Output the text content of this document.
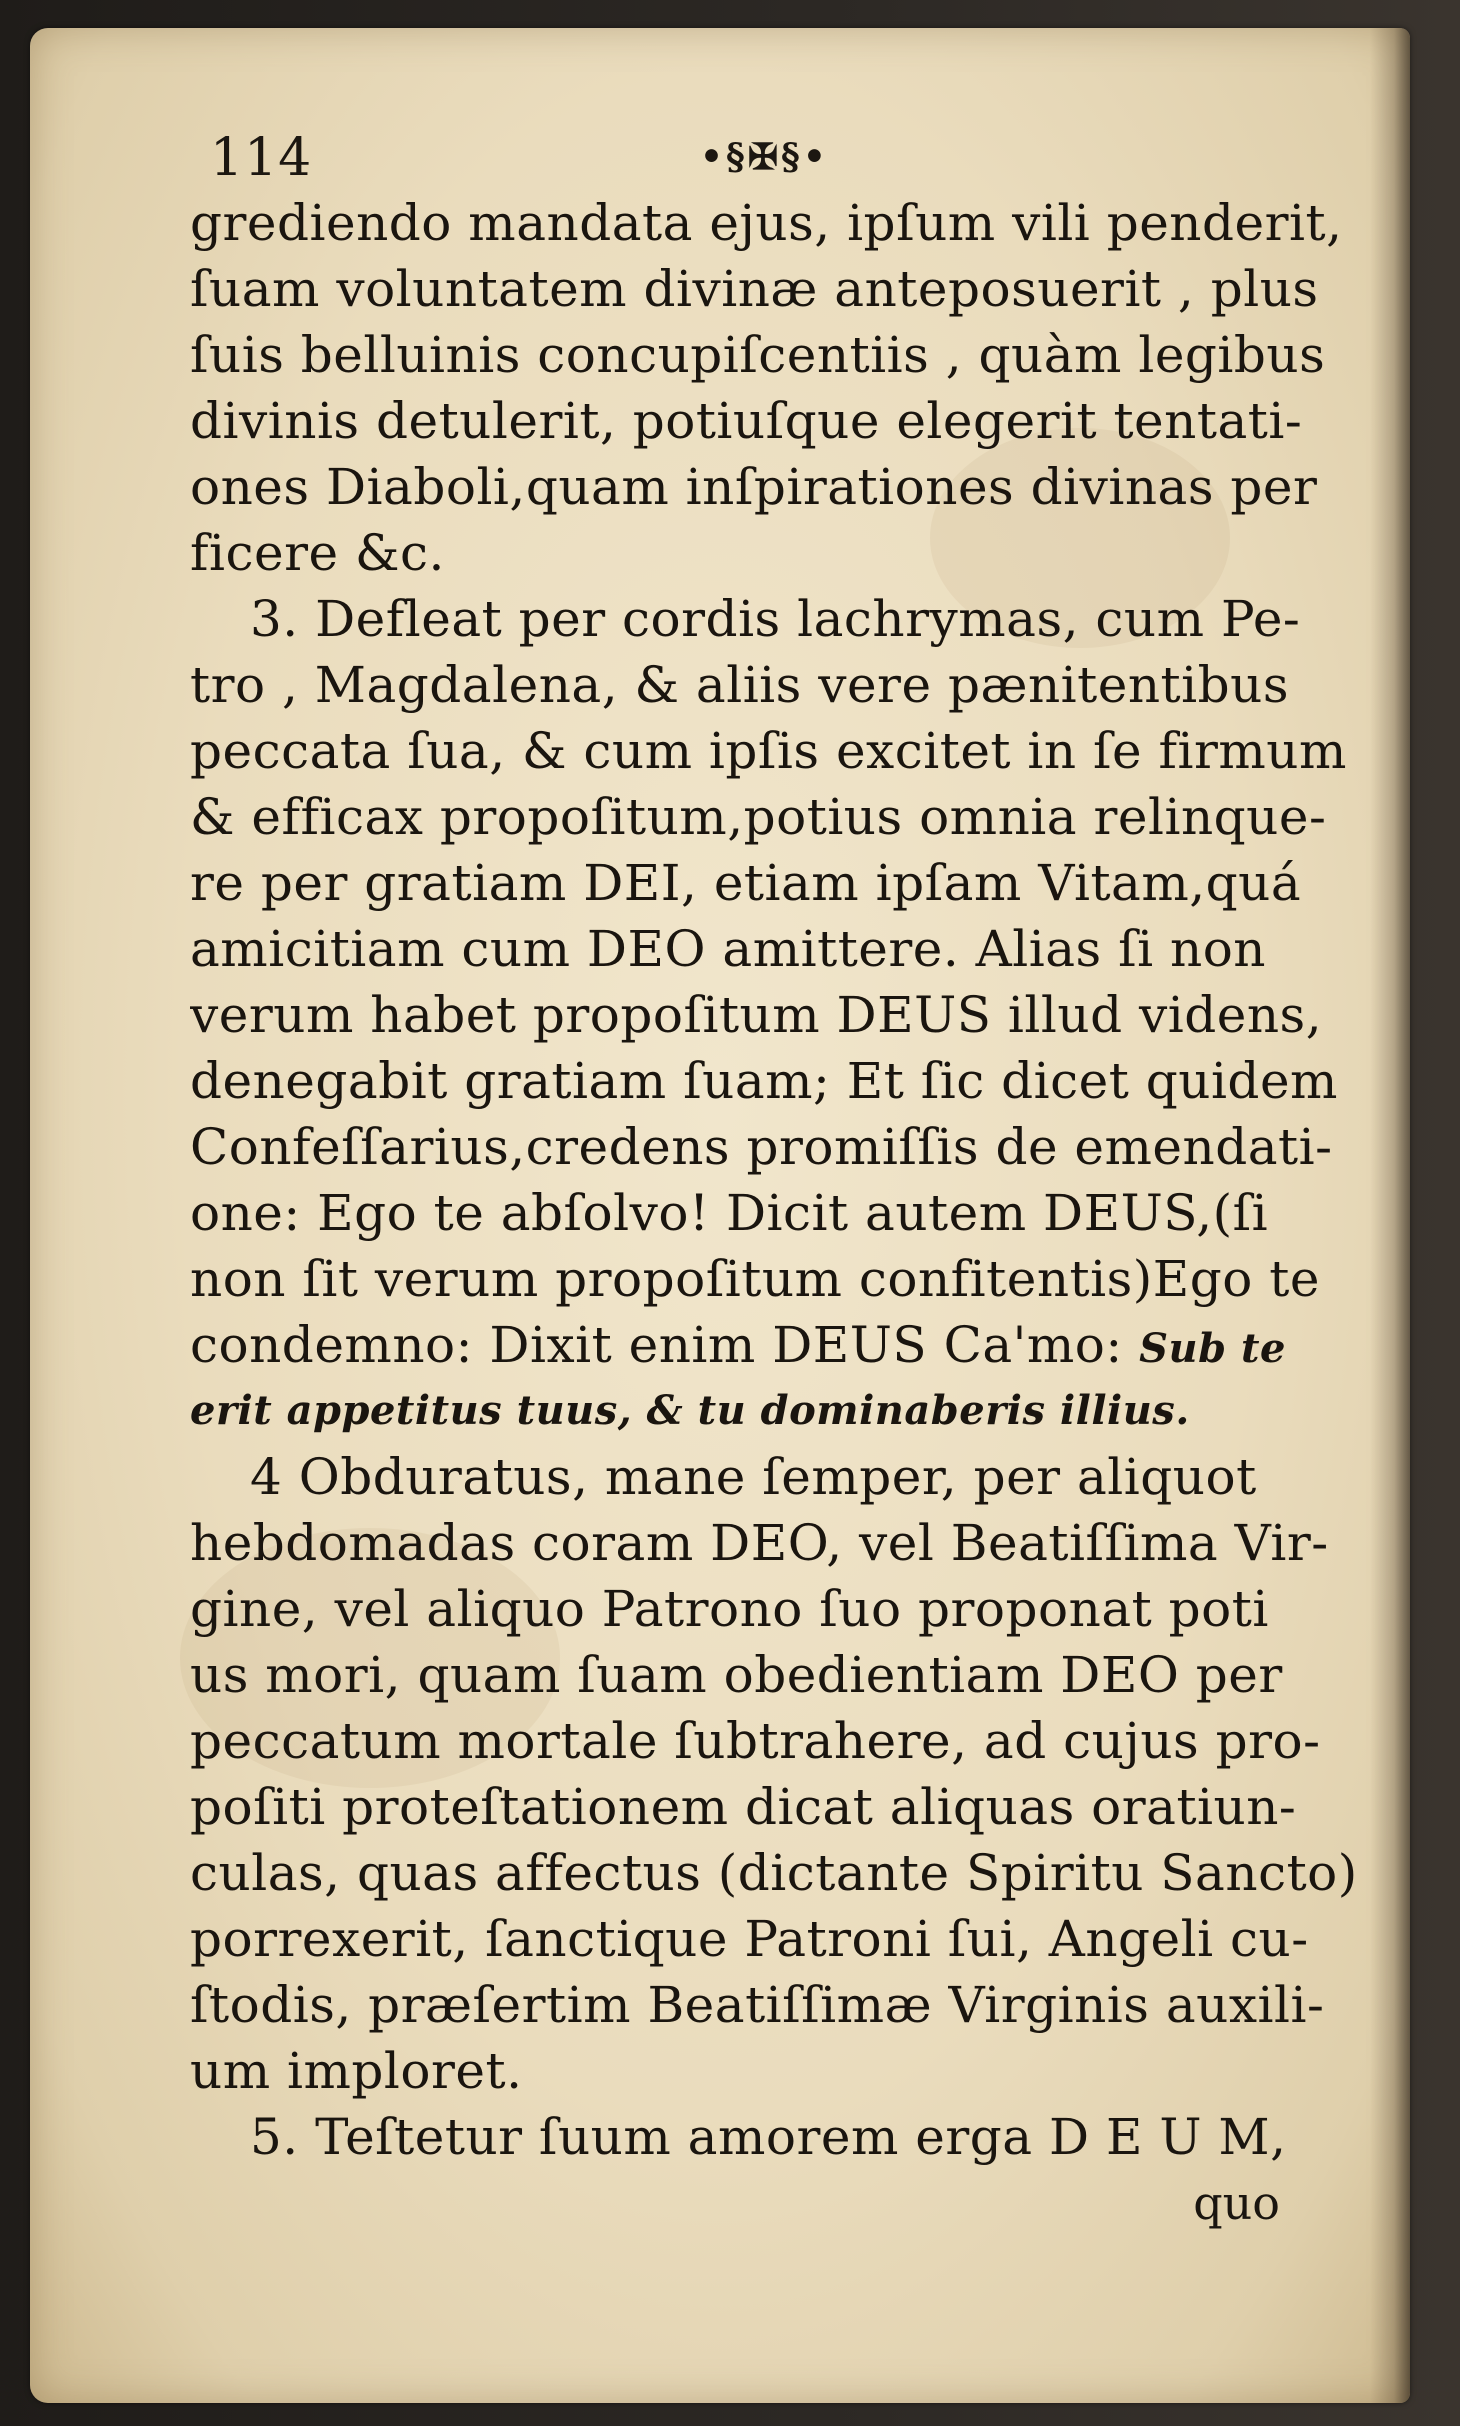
114	•§✠§•
grediendo mandata ejus, ipſum vili penderit,
ſuam voluntatem divinæ anteposuerit , plus
ſuis belluinis concupiſcentiis , quàm legibus
divinis detulerit, potiuſque elegerit tentati-
ones Diaboli,quam inſpirationes divinas per
ficere &c.
3. Defleat per cordis lachrymas, cum Pe-
tro , Magdalena, & aliis vere pænitentibus
peccata ſua, & cum ipſis excitet in ſe firmum
& efficax propoſitum,potius omnia relinque-
re per gratiam DEI, etiam ipſam Vitam,quá
amicitiam cum DEO amittere. Alias ſi non
verum habet propoſitum DEUS illud videns,
denegabit gratiam ſuam; Et ſic dicet quidem
Confeſſarius,credens promiſſis de emendati-
one: Ego te abſolvo! Dicit autem DEUS,(ſi
non ſit verum propoſitum confitentis)Ego te
condemno: Dixit enim DEUS Ca'mo: Sub te
erit appetitus tuus, & tu dominaberis illius.
4 Obduratus, mane ſemper, per aliquot
hebdomadas coram DEO, vel Beatiſſima Vir-
gine, vel aliquo Patrono ſuo proponat poti
us mori, quam ſuam obedientiam DEO per
peccatum mortale ſubtrahere, ad cujus pro-
poſiti proteſtationem dicat aliquas oratiun-
culas, quas affectus (dictante Spiritu Sancto)
porrexerit, ſanctique Patroni ſui, Angeli cu-
ſtodis, præſertim Beatiſſimæ Virginis auxili-
um imploret.
5. Teſtetur ſuum amorem erga D E U M,
quo
